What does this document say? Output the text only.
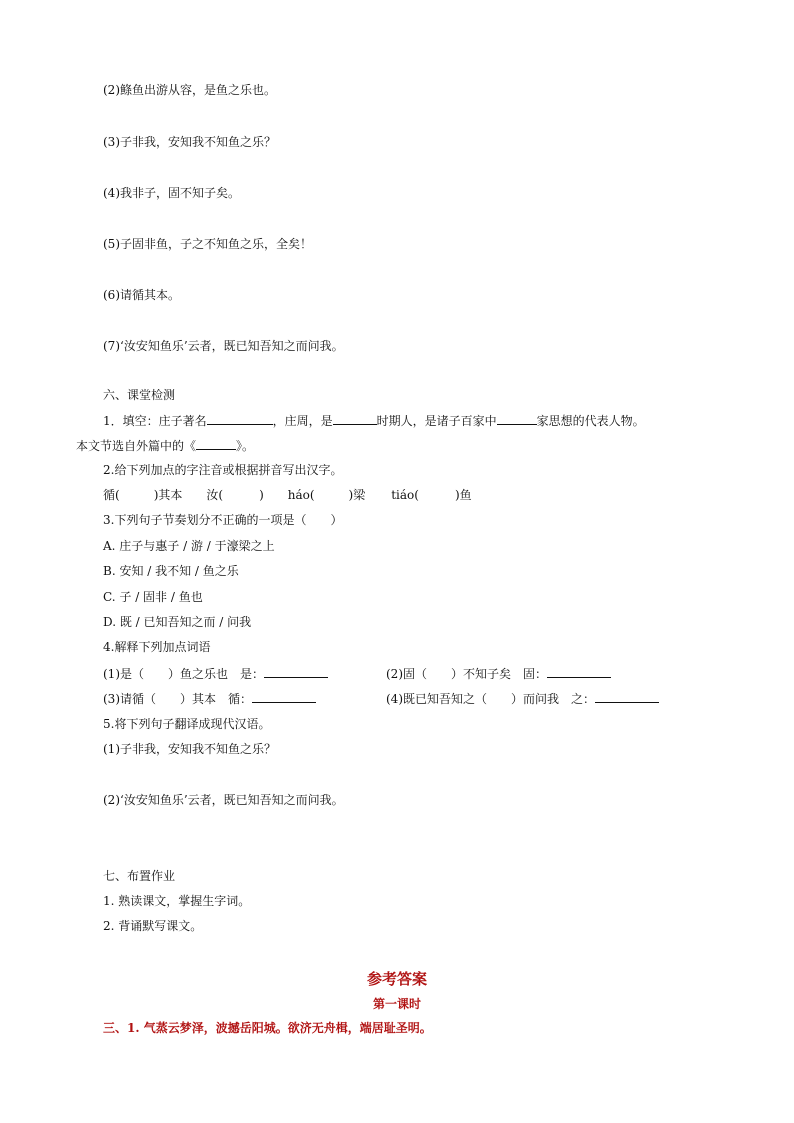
(2)鲦鱼出游从容，是鱼之乐也。
(3)子非我，安知我不知鱼之乐？
(4)我非子，固不知子矣。
(5)子固非鱼，子之不知鱼之乐，全矣！
(6)请循其本。
(7)‘汝安知鱼乐’云者，既已知吾知之而问我。
六、课堂检测
1．填空：庄子著名	，庄周，是	时期人，是诸子百家中	家思想的代表人物。
本文节选自外篇中的《	》。
2.给下列加点的字注音或根据拼音写出汉字。
循(	)其本 汝(	) háo(	)梁 tiáo(	)鱼
3.下列句子节奏划分不正确的一项是（　　）
A. 庄子与惠子 / 游 / 于濠梁之上
B. 安知 / 我不知 / 鱼之乐
C. 子 / 固非 / 鱼也
D. 既 / 已知吾知之而 / 问我
4.解释下列加点词语
(1)是（　　）鱼之乐也　是：	(2)固（　　）不知子矣　固：
(3)请循（　　）其本　循：	(4)既已知吾知之（　　）而问我　之：
5.将下列句子翻译成现代汉语。
(1)子非我，安知我不知鱼之乐？
(2)‘汝安知鱼乐’云者，既已知吾知之而问我。
七、布置作业
1. 熟读课文，掌握生字词。
2. 背诵默写课文。
参考答案
第一课时
三、1. 气蒸云梦泽，波撼岳阳城。欲济无舟楫，端居耻圣明。
